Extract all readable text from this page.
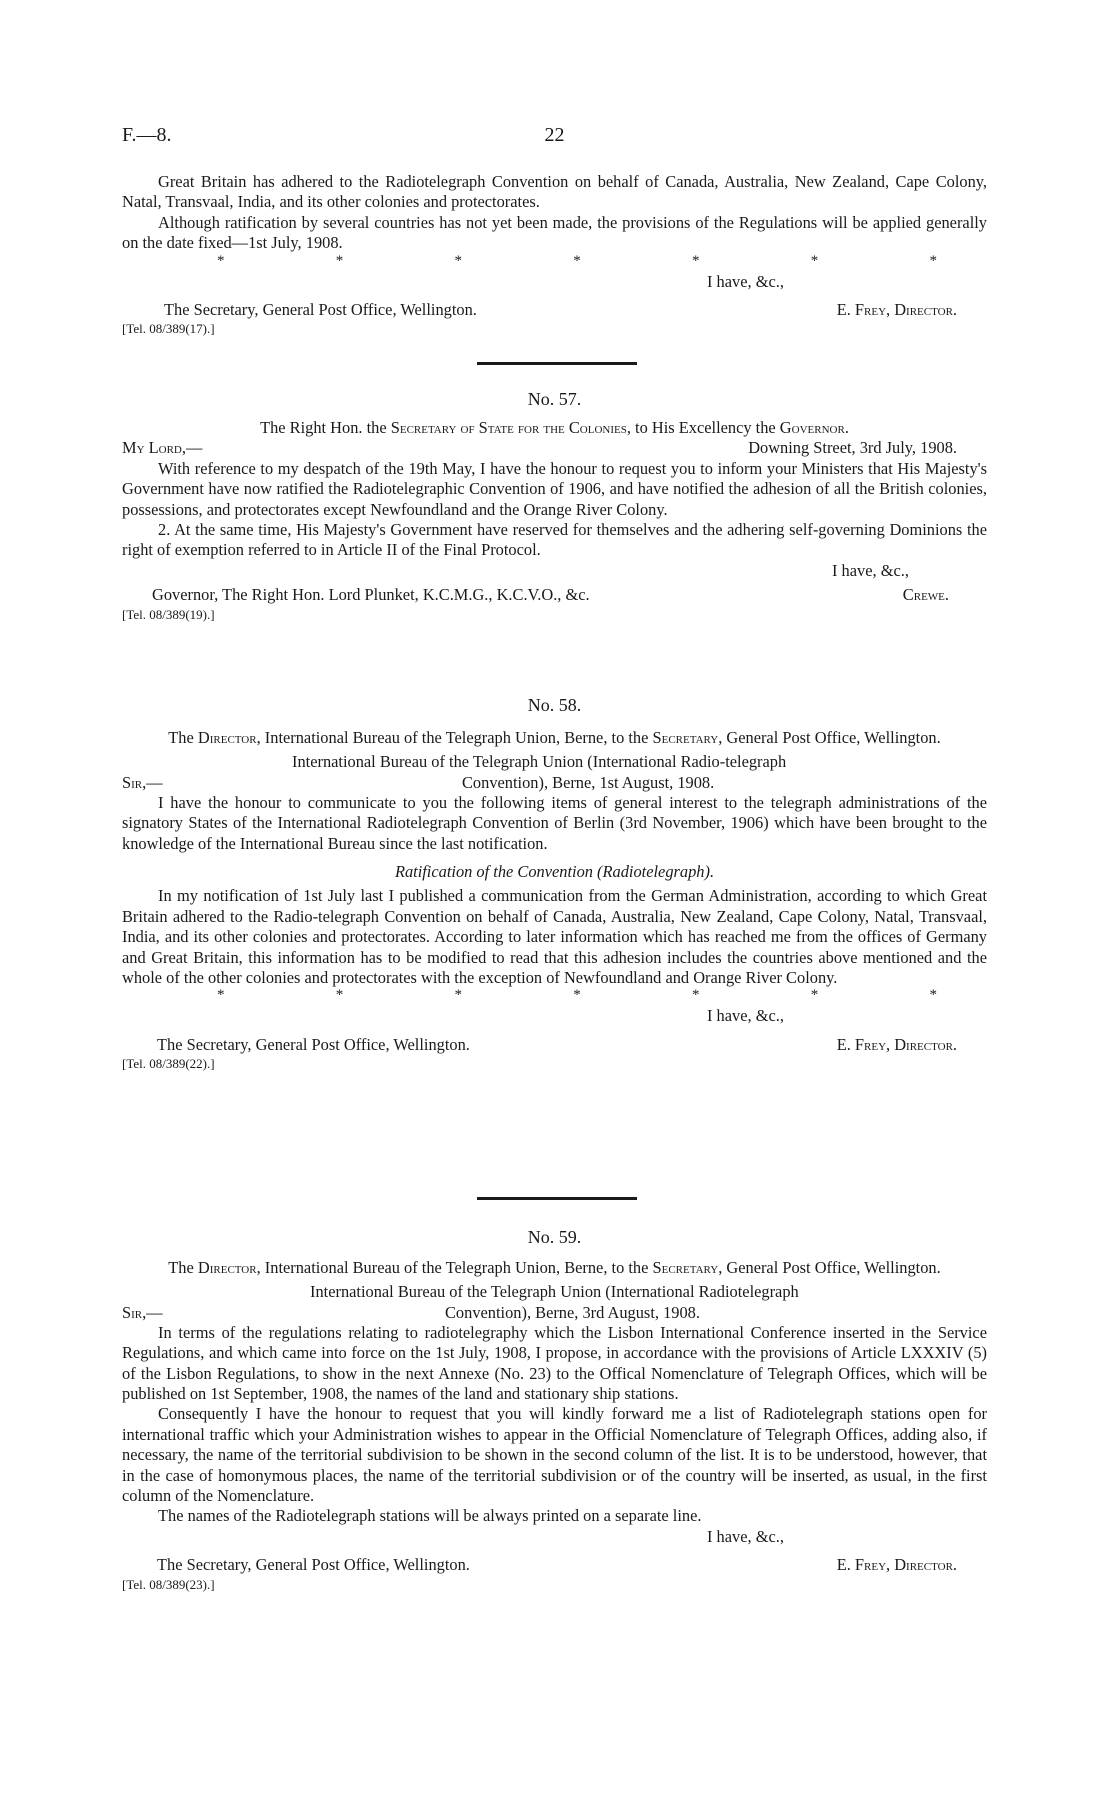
F.—8.	22

Great Britain has adhered to the Radiotelegraph Convention on behalf of Canada, Australia, New Zealand, Cape Colony, Natal, Transvaal, India, and its other colonies and protectorates.

Although ratification by several countries has not yet been made, the provisions of the Regulations will be applied generally on the date fixed—1st July, 1908.

*	*	*	*	*	*	*

I have, &c.,

The Secretary, General Post Office, Wellington.	E. Frey, Director.

[Tel. 08/389(17).]

No. 57.

The Right Hon. the Secretary of State for the Colonies, to His Excellency the Governor.

My Lord,—	Downing Street, 3rd July, 1908.

With reference to my despatch of the 19th May, I have the honour to request you to inform your Ministers that His Majesty's Government have now ratified the Radiotelegraphic Convention of 1906, and have notified the adhesion of all the British colonies, possessions, and protectorates except Newfoundland and the Orange River Colony.

2. At the same time, His Majesty's Government have reserved for themselves and the adhering self-governing Dominions the right of exemption referred to in Article II of the Final Protocol.

I have, &c.,

Governor, The Right Hon. Lord Plunket, K.C.M.G., K.C.V.O., &c.	Crewe.

[Tel. 08/389(19).]

No. 58.

The Director, International Bureau of the Telegraph Union, Berne, to the Secretary, General Post Office, Wellington.

International Bureau of the Telegraph Union (International Radio-telegraph

Sir,—	Convention), Berne, 1st August, 1908.

I have the honour to communicate to you the following items of general interest to the telegraph administrations of the signatory States of the International Radiotelegraph Convention of Berlin (3rd November, 1906) which have been brought to the knowledge of the International Bureau since the last notification.

Ratification of the Convention (Radiotelegraph).

In my notification of 1st July last I published a communication from the German Administration, according to which Great Britain adhered to the Radio-telegraph Convention on behalf of Canada, Australia, New Zealand, Cape Colony, Natal, Transvaal, India, and its other colonies and protectorates. According to later information which has reached me from the offices of Germany and Great Britain, this information has to be modified to read that this adhesion includes the countries above mentioned and the whole of the other colonies and protectorates with the exception of Newfoundland and Orange River Colony.

*	*	*	*	*	*	*

I have, &c.,

The Secretary, General Post Office, Wellington.	E. Frey, Director.

[Tel. 08/389(22).]

No. 59.

The Director, International Bureau of the Telegraph Union, Berne, to the Secretary, General Post Office, Wellington.

International Bureau of the Telegraph Union (International Radiotelegraph

Sir,—	Convention), Berne, 3rd August, 1908.

In terms of the regulations relating to radiotelegraphy which the Lisbon International Conference inserted in the Service Regulations, and which came into force on the 1st July, 1908, I propose, in accordance with the provisions of Article LXXXIV (5) of the Lisbon Regulations, to show in the next Annexe (No. 23) to the Offical Nomenclature of Telegraph Offices, which will be published on 1st September, 1908, the names of the land and stationary ship stations.

Consequently I have the honour to request that you will kindly forward me a list of Radiotelegraph stations open for international traffic which your Administration wishes to appear in the Official Nomenclature of Telegraph Offices, adding also, if necessary, the name of the territorial subdivision to be shown in the second column of the list. It is to be understood, however, that in the case of homonymous places, the name of the territorial subdivision or of the country will be inserted, as usual, in the first column of the Nomenclature.

The names of the Radiotelegraph stations will be always printed on a separate line.

I have, &c.,

The Secretary, General Post Office, Wellington.	E. Frey, Director.

[Tel. 08/389(23).]
